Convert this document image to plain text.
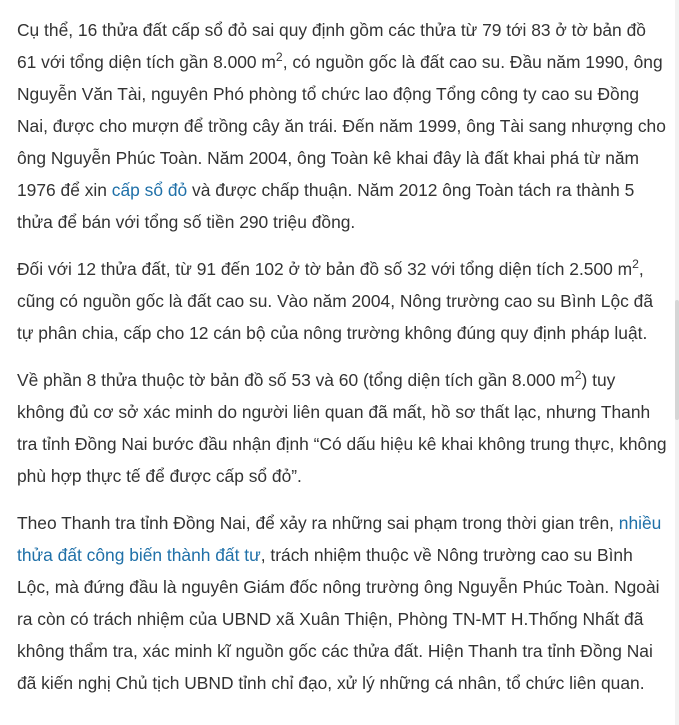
Cụ thể, 16 thửa đất cấp sổ đỏ sai quy định gồm các thửa từ 79 tới 83 ở tờ bản đồ 61 với tổng diện tích gần 8.000 $m^2$, có nguồn gốc là đất cao su. Đầu năm 1990, ông Nguyễn Văn Tài, nguyên Phó phòng tổ chức lao động Tổng công ty cao su Đồng Nai, được cho mượn để trồng cây ăn trái. Đến năm 1999, ông Tài sang nhượng cho ông Nguyễn Phúc Toàn. Năm 2004, ông Toàn kê khai đây là đất khai phá từ năm 1976 để xin cấp sổ đỏ và được chấp thuận. Năm 2012 ông Toàn tách ra thành 5 thửa để bán với tổng số tiền 290 triệu đồng.

Đối với 12 thửa đất, từ 91 đến 102 ở tờ bản đồ số 32 với tổng diện tích 2.500 $m^2$, cũng có nguồn gốc là đất cao su. Vào năm 2004, Nông trường cao su Bình Lộc đã tự phân chia, cấp cho 12 cán bộ của nông trường không đúng quy định pháp luật.

Về phần 8 thửa thuộc tờ bản đồ số 53 và 60 (tổng diện tích gần 8.000 $m^2$) tuy không đủ cơ sở xác minh do người liên quan đã mất, hồ sơ thất lạc, nhưng Thanh tra tỉnh Đồng Nai bước đầu nhận định “Có dấu hiệu kê khai không trung thực, không phù hợp thực tế để được cấp sổ đỏ”.

Theo Thanh tra tỉnh Đồng Nai, để xảy ra những sai phạm trong thời gian trên, nhiều thửa đất công biến thành đất tư, trách nhiệm thuộc về Nông trường cao su Bình Lộc, mà đứng đầu là nguyên Giám đốc nông trường ông Nguyễn Phúc Toàn. Ngoài ra còn có trách nhiệm của UBND xã Xuân Thiện, Phòng TN-MT H.Thống Nhất đã không thẩm tra, xác minh kĩ nguồn gốc các thửa đất. Hiện Thanh tra tỉnh Đồng Nai đã kiến nghị Chủ tịch UBND tỉnh chỉ đạo, xử lý những cá nhân, tổ chức liên quan.
